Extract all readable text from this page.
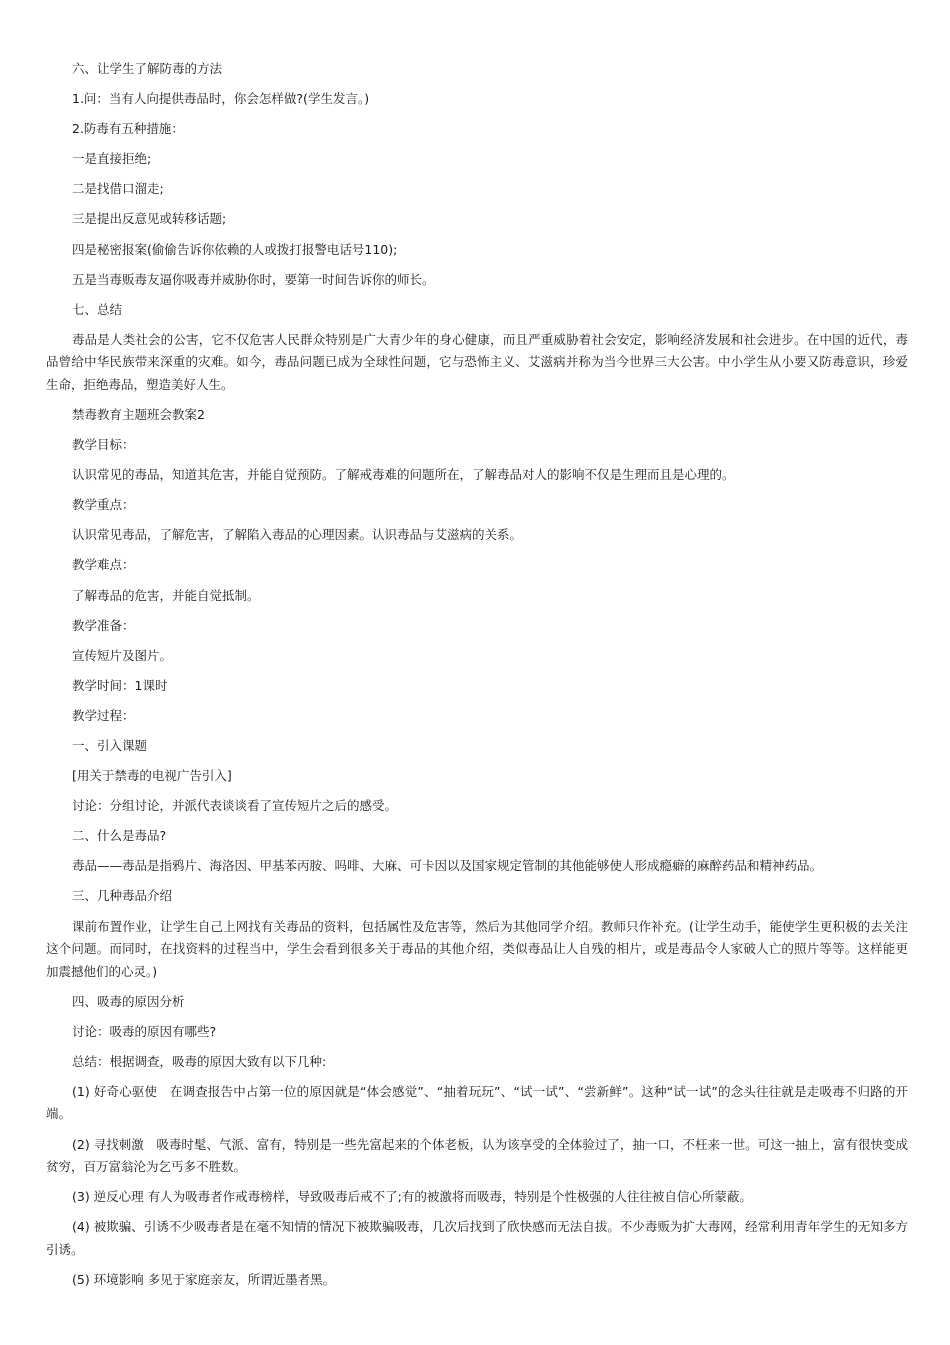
六、让学生了解防毒的方法

1.问：当有人向提供毒品时，你会怎样做?(学生发言。)

2.防毒有五种措施：

一是直接拒绝;

二是找借口溜走;

三是提出反意见或转移话题;

四是秘密报案(偷偷告诉你依赖的人或拨打报警电话号110);

五是当毒贩毒友逼你吸毒并威胁你时，要第一时间告诉你的师长。

七、总结

毒品是人类社会的公害，它不仅危害人民群众特别是广大青少年的身心健康，而且严重威胁着社会安定，影响经济发展和社会进步。在中国的近代，毒品曾给中华民族带来深重的灾难。如今，毒品问题已成为全球性问题，它与恐怖主义、艾滋病并称为当今世界三大公害。中小学生从小要又防毒意识，珍爱生命，拒绝毒品，塑造美好人生。

禁毒教育主题班会教案2

教学目标：

认识常见的毒品，知道其危害，并能自觉预防。了解戒毒难的问题所在，了解毒品对人的影响不仅是生理而且是心理的。

教学重点：

认识常见毒品，了解危害，了解陷入毒品的心理因素。认识毒品与艾滋病的关系。

教学难点：

了解毒品的危害，并能自觉抵制。

教学准备：

宣传短片及图片。

教学时间：1课时

教学过程：

一、引入课题

[用关于禁毒的电视广告引入]

讨论：分组讨论，并派代表谈谈看了宣传短片之后的感受。

二、什么是毒品?

毒品——毒品是指鸦片、海洛因、甲基苯丙胺、吗啡、大麻、可卡因以及国家规定管制的其他能够使人形成瘾癖的麻醉药品和精神药品。

三、几种毒品介绍

课前布置作业，让学生自己上网找有关毒品的资料，包括属性及危害等，然后为其他同学介绍。教师只作补充。(让学生动手，能使学生更积极的去关注这个问题。而同时，在找资料的过程当中，学生会看到很多关于毒品的其他介绍，类似毒品让人自残的相片，或是毒品令人家破人亡的照片等等。这样能更加震撼他们的心灵。)

四、吸毒的原因分析

讨论：吸毒的原因有哪些?

总结：根据调查，吸毒的原因大致有以下几种:

(1) 好奇心驱使　在调查报告中占第一位的原因就是“体会感觉”、“抽着玩玩”、“试一试”、“尝新鲜”。这种“试一试”的念头往往就是走吸毒不归路的开端。

(2) 寻找刺激　吸毒时髦、气派、富有，特别是一些先富起来的个体老板，认为该享受的全体验过了，抽一口，不枉来一世。可这一抽上，富有很快变成贫穷，百万富翁沦为乞丐多不胜数。

(3) 逆反心理 有人为吸毒者作戒毒榜样，导致吸毒后戒不了;有的被激将而吸毒，特别是个性极强的人往往被自信心所蒙蔽。

(4) 被欺骗、引诱不少吸毒者是在毫不知情的情况下被欺骗吸毒，几次后找到了欣快感而无法自拔。不少毒贩为扩大毒网，经常利用青年学生的无知多方引诱。

(5) 环境影响 多见于家庭亲友，所谓近墨者黑。
